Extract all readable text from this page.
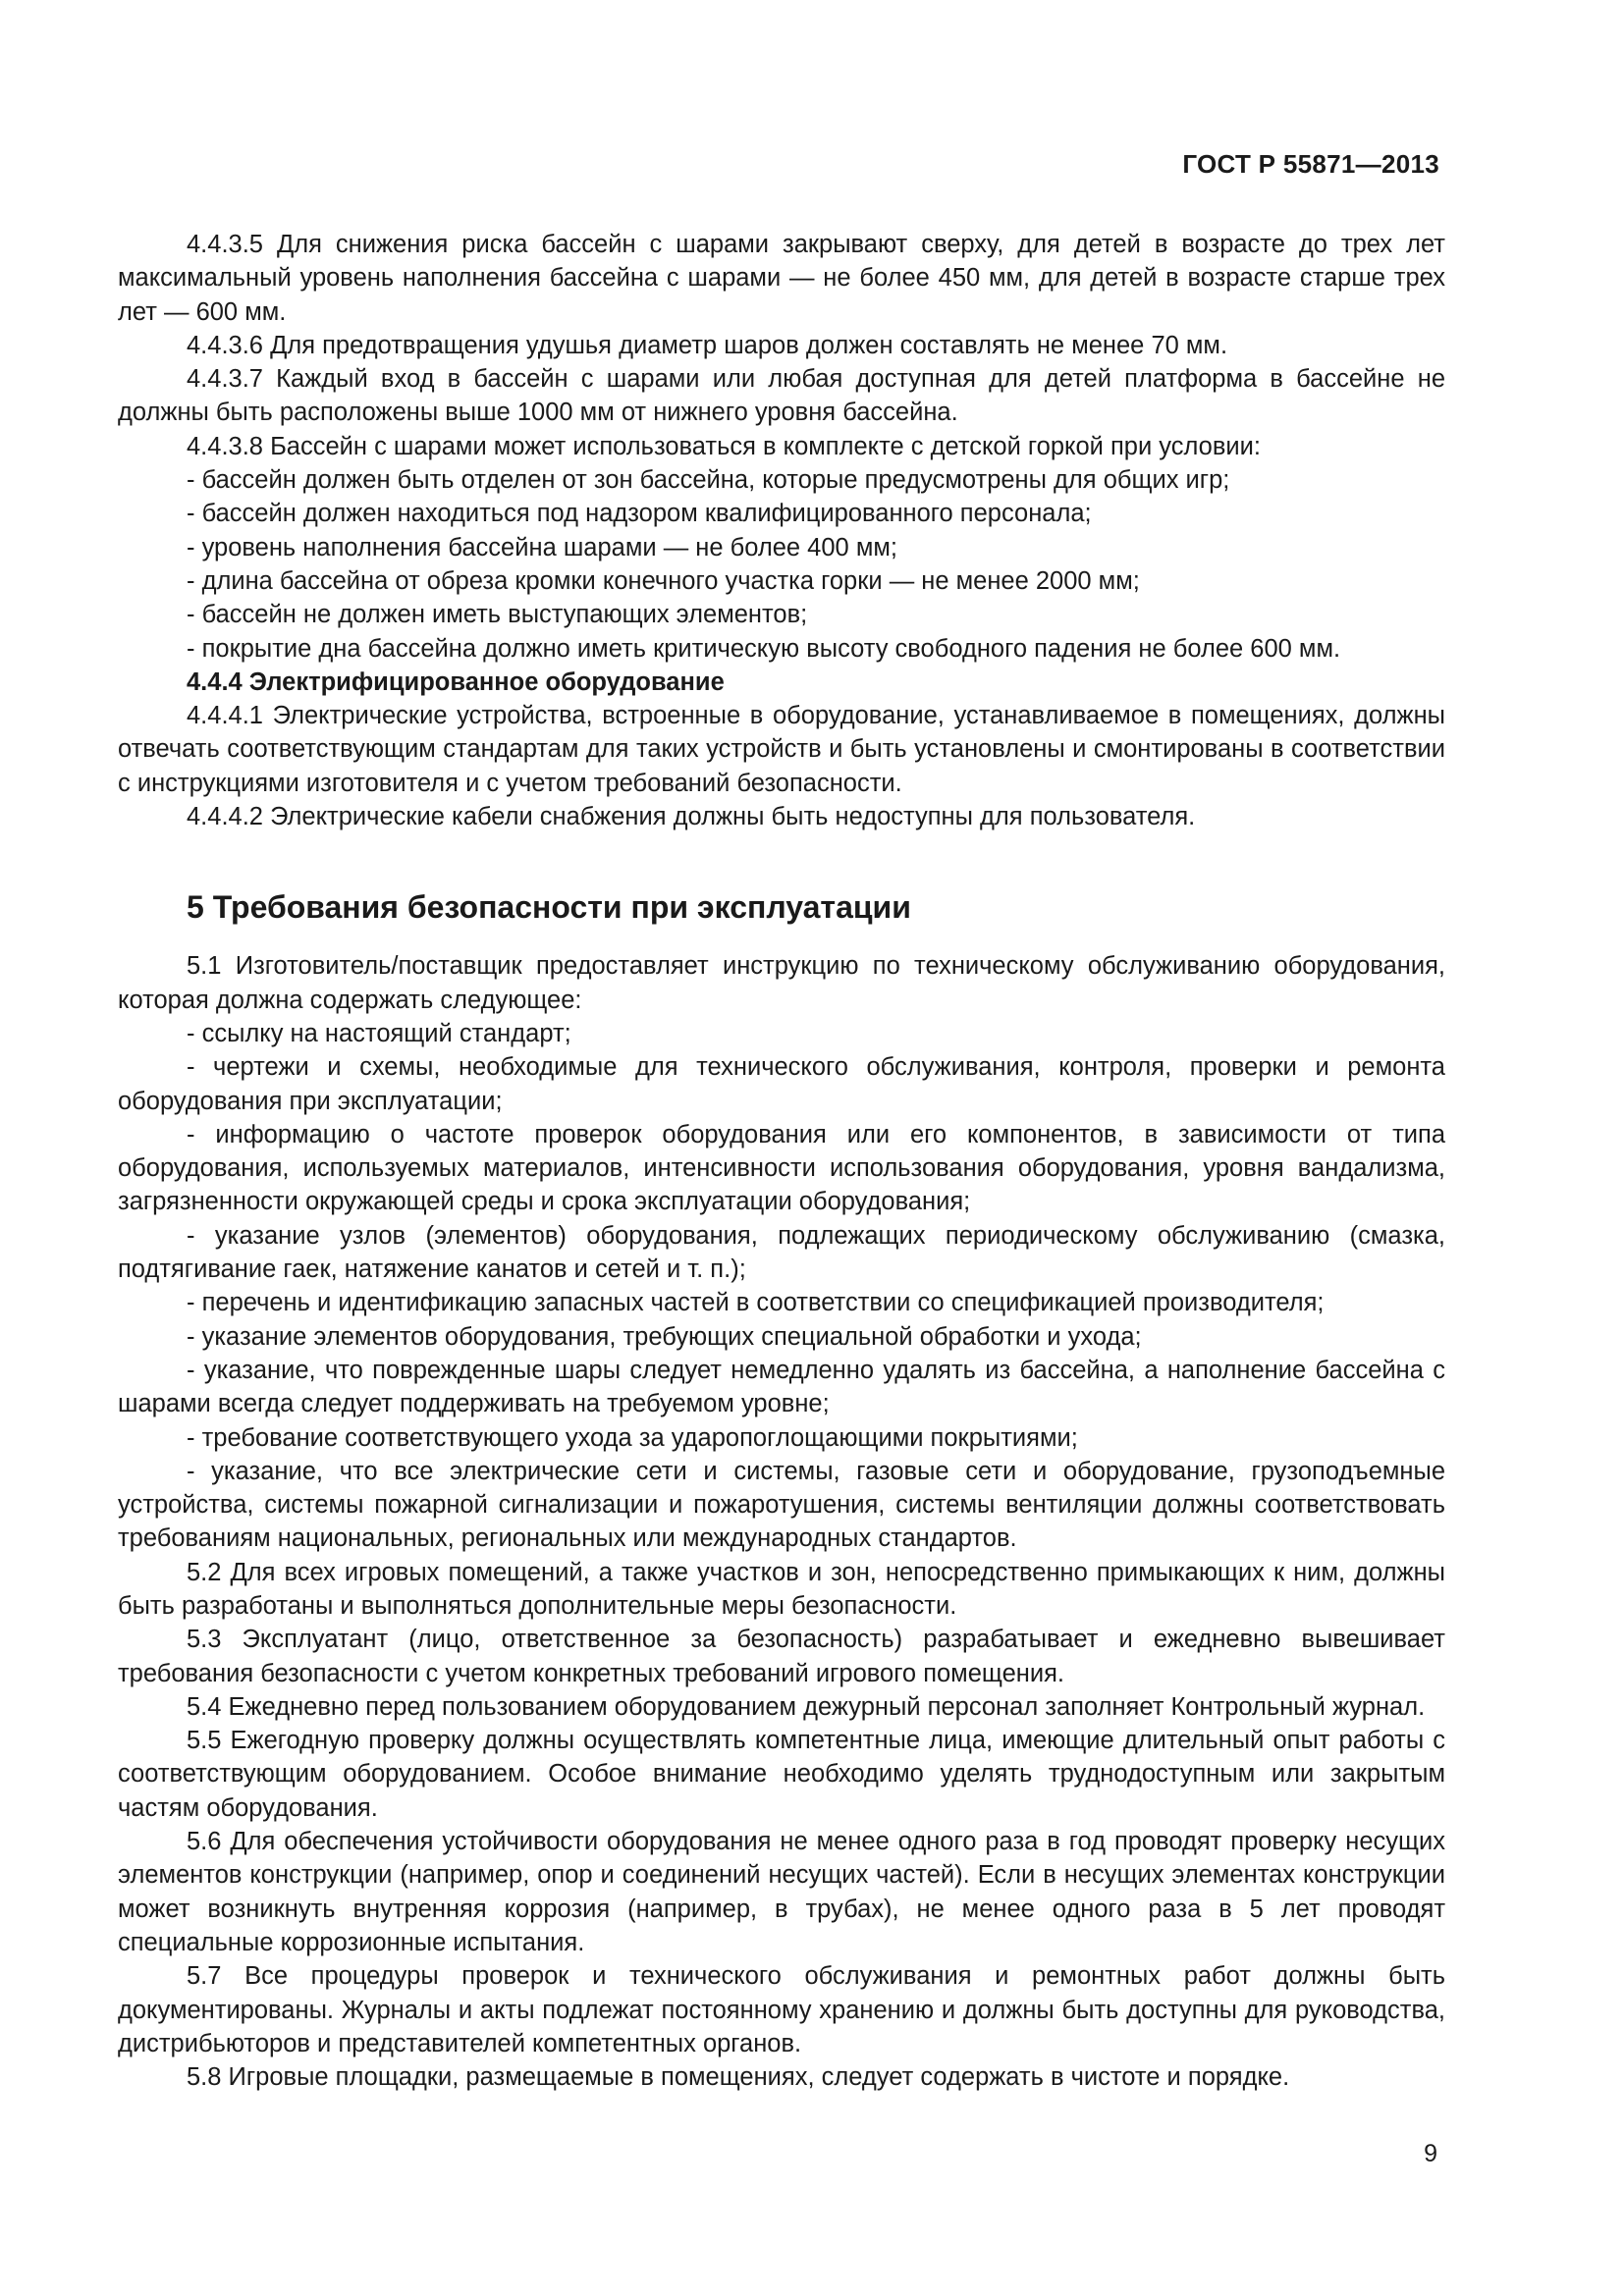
ГОСТ Р 55871—2013

4.4.3.5 Для снижения риска бассейн с шарами закрывают сверху, для детей в возрасте до трех лет максимальный уровень наполнения бассейна с шарами — не более 450 мм, для детей в возрасте старше трех лет — 600 мм.

4.4.3.6 Для предотвращения удушья диаметр шаров должен составлять не менее 70 мм.

4.4.3.7 Каждый вход в бассейн с шарами или любая доступная для детей платформа в бассейне не должны быть расположены выше 1000 мм от нижнего уровня бассейна.

4.4.3.8 Бассейн с шарами может использоваться в комплекте с детской горкой при условии:

- бассейн должен быть отделен от зон бассейна, которые предусмотрены для общих игр;

- бассейн должен находиться под надзором квалифицированного персонала;

- уровень наполнения бассейна шарами — не более 400 мм;

- длина бассейна от обреза кромки конечного участка горки — не менее 2000 мм;

- бассейн не должен иметь выступающих элементов;

- покрытие дна бассейна должно иметь критическую высоту свободного падения не более 600 мм.

4.4.4 Электрифицированное оборудование

4.4.4.1 Электрические устройства, встроенные в оборудование, устанавливаемое в помещениях, должны отвечать соответствующим стандартам для таких устройств и быть установлены и смонтированы в соответствии с инструкциями изготовителя и с учетом требований безопасности.

4.4.4.2 Электрические кабели снабжения должны быть недоступны для пользователя.

5 Требования безопасности при эксплуатации

5.1 Изготовитель/поставщик предоставляет инструкцию по техническому обслуживанию оборудования, которая должна содержать следующее:

- ссылку на настоящий стандарт;

- чертежи и схемы, необходимые для технического обслуживания, контроля, проверки и ремонта оборудования при эксплуатации;

- информацию о частоте проверок оборудования или его компонентов, в зависимости от типа оборудования, используемых материалов, интенсивности использования оборудования, уровня вандализма, загрязненности окружающей среды и срока эксплуатации оборудования;

- указание узлов (элементов) оборудования, подлежащих периодическому обслуживанию (смазка, подтягивание гаек, натяжение канатов и сетей и т. п.);

- перечень и идентификацию запасных частей в соответствии со спецификацией производителя;

- указание элементов оборудования, требующих специальной обработки и ухода;

- указание, что поврежденные шары следует немедленно удалять из бассейна, а наполнение бассейна с шарами всегда следует поддерживать на требуемом уровне;

- требование соответствующего ухода за ударопоглощающими покрытиями;

- указание, что все электрические сети и системы, газовые сети и оборудование, грузоподъемные устройства, системы пожарной сигнализации и пожаротушения, системы вентиляции должны соответствовать требованиям национальных, региональных или международных стандартов.

5.2 Для всех игровых помещений, а также участков и зон, непосредственно примыкающих к ним, должны быть разработаны и выполняться дополнительные меры безопасности.

5.3 Эксплуатант (лицо, ответственное за безопасность) разрабатывает и ежедневно вывешивает требования безопасности с учетом конкретных требований игрового помещения.

5.4 Ежедневно перед пользованием оборудованием дежурный персонал заполняет Контрольный журнал.

5.5 Ежегодную проверку должны осуществлять компетентные лица, имеющие длительный опыт работы с соответствующим оборудованием. Особое внимание необходимо уделять труднодоступным или закрытым частям оборудования.

5.6 Для обеспечения устойчивости оборудования не менее одного раза в год проводят проверку несущих элементов конструкции (например, опор и соединений несущих частей). Если в несущих элементах конструкции может возникнуть внутренняя коррозия (например, в трубах), не менее одного раза в 5 лет проводят специальные коррозионные испытания.

5.7 Все процедуры проверок и технического обслуживания и ремонтных работ должны быть документированы. Журналы и акты подлежат постоянному хранению и должны быть доступны для руководства, дистрибьюторов и представителей компетентных органов.

5.8 Игровые площадки, размещаемые в помещениях, следует содержать в чистоте и порядке.

9
